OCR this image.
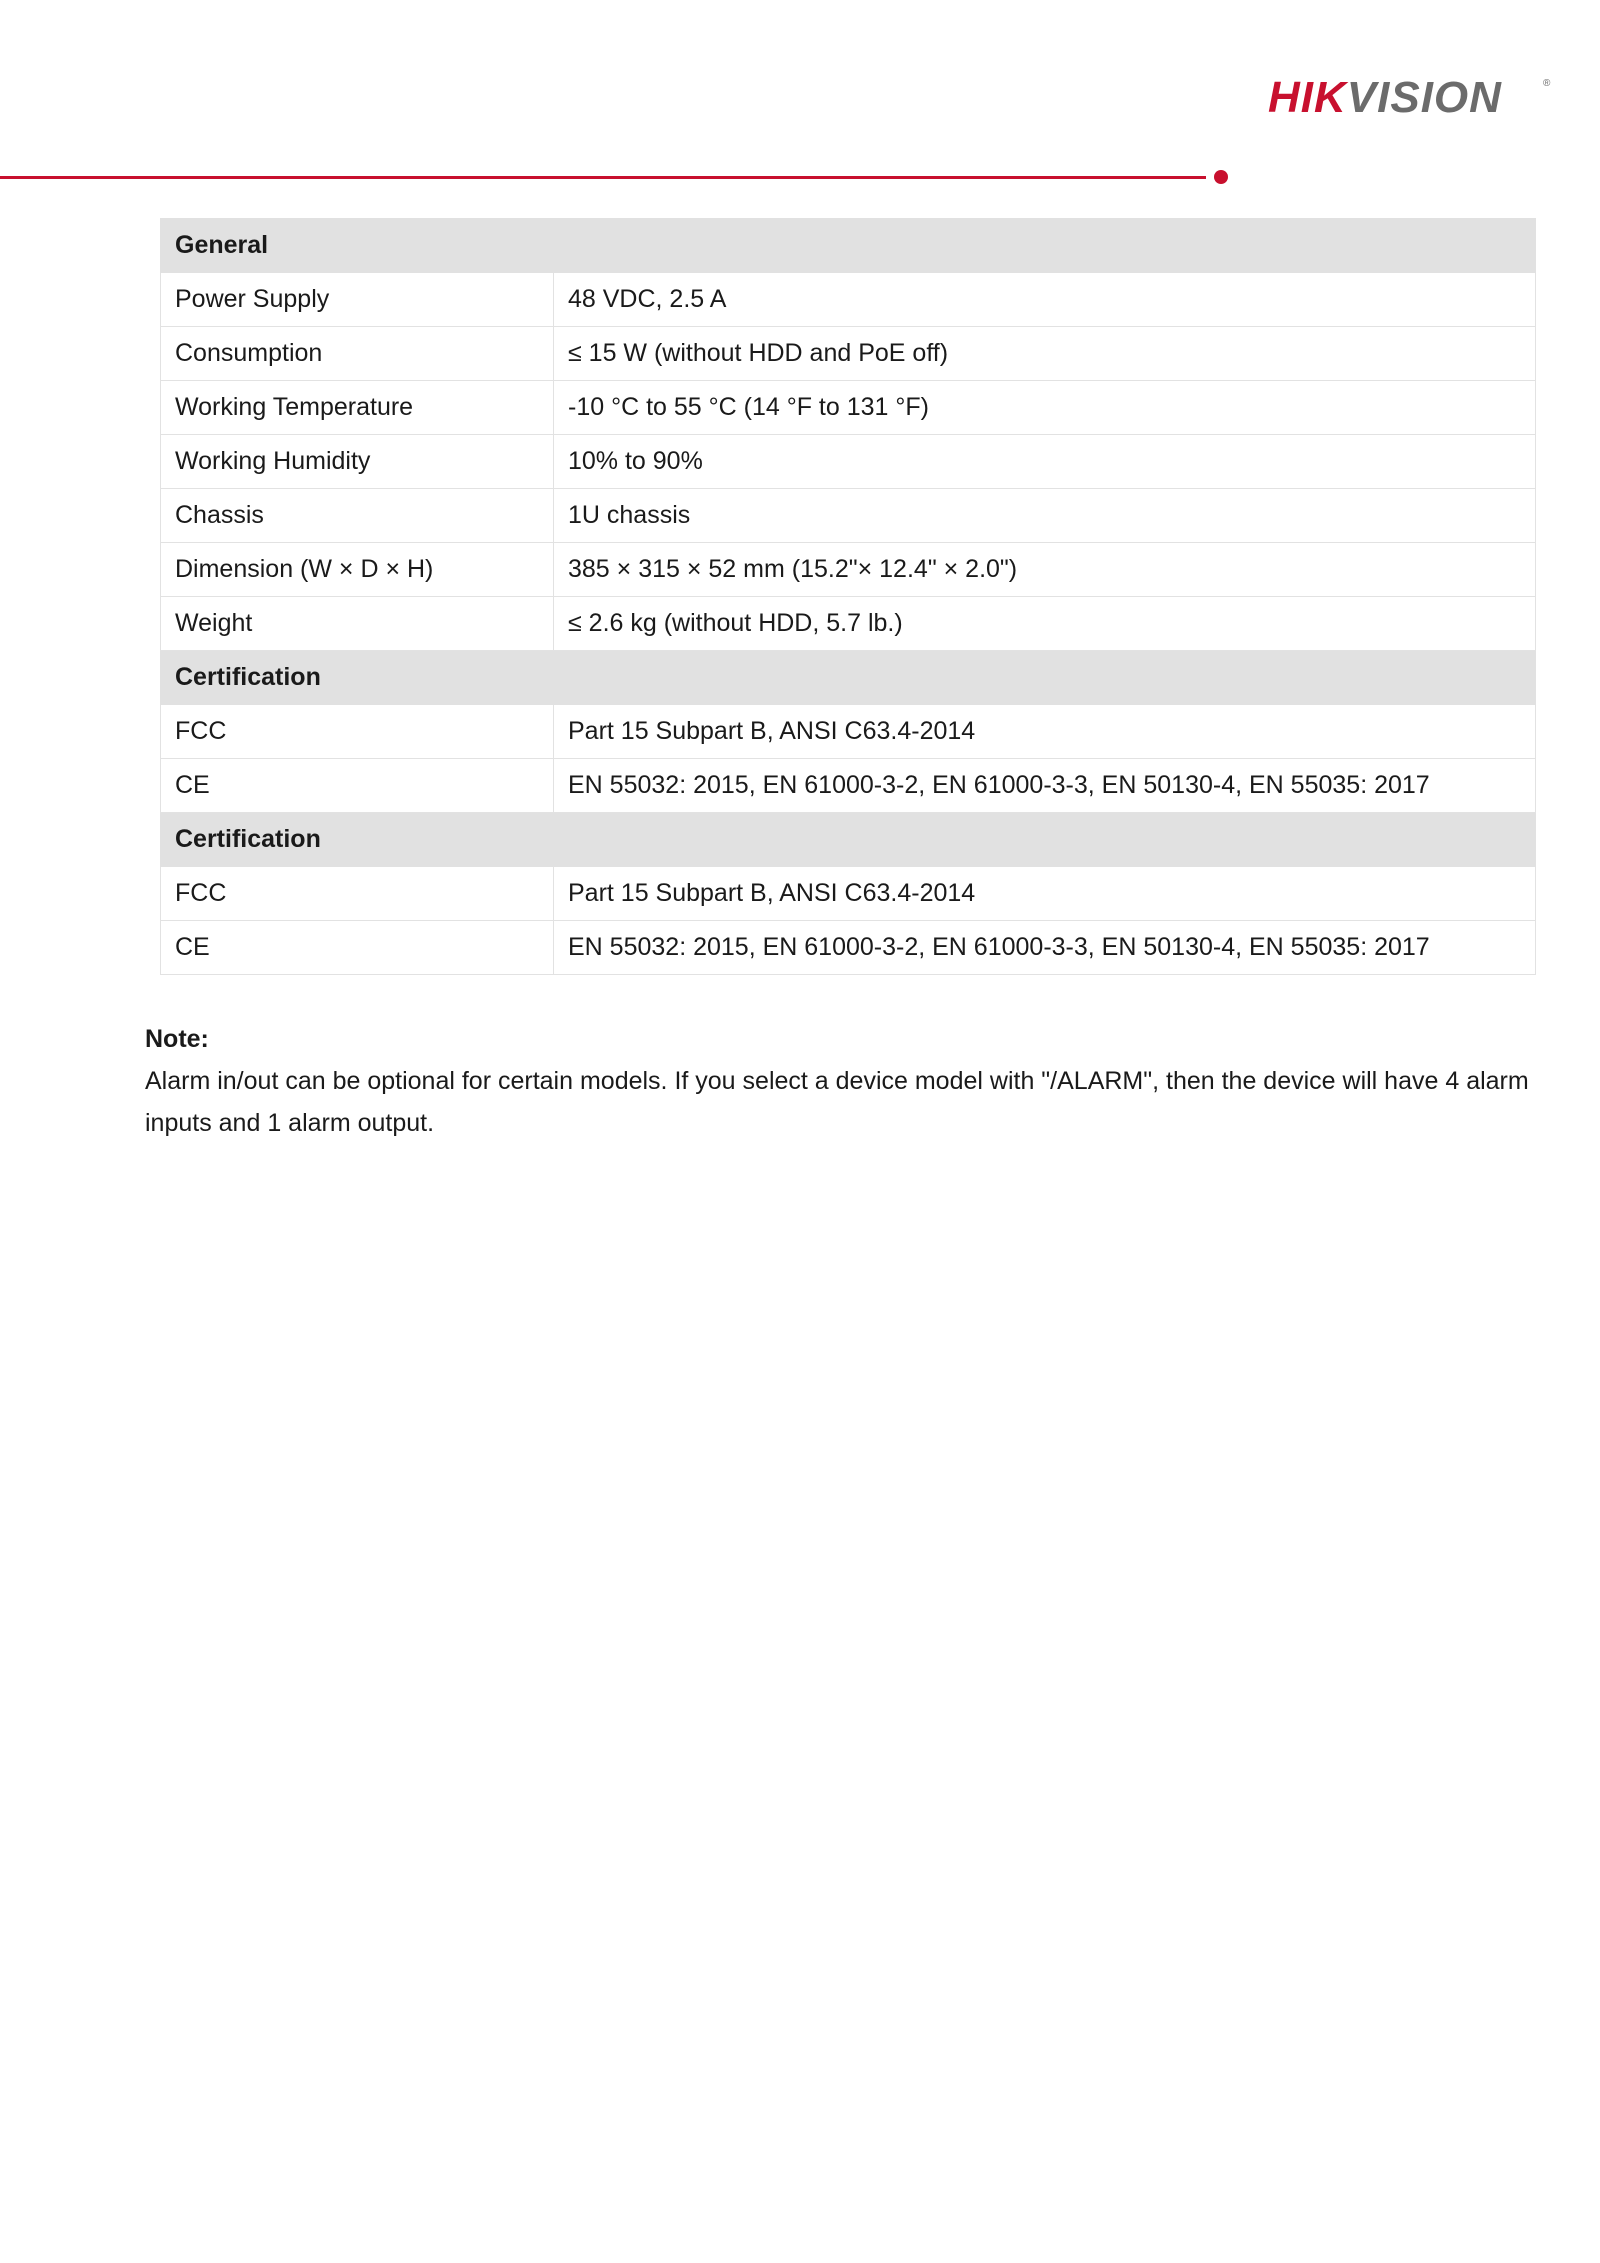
HIKVISION	®
General	
Power Supply	48 VDC, 2.5 A
Consumption	≤ 15 W (without HDD and PoE off)
Working Temperature	-10 °C to 55 °C (14 °F to 131 °F)
Working Humidity	10% to 90%
Chassis	1U chassis
Dimension (W × D × H)	385 × 315 × 52 mm (15.2"× 12.4" × 2.0")
Weight	≤ 2.6 kg (without HDD, 5.7 lb.)
Certification	
FCC	Part 15 Subpart B, ANSI C63.4-2014
CE	EN 55032: 2015, EN 61000-3-2, EN 61000-3-3, EN 50130-4, EN 55035: 2017
Certification	
FCC	Part 15 Subpart B, ANSI C63.4-2014
CE	EN 55032: 2015, EN 61000-3-2, EN 61000-3-3, EN 50130-4, EN 55035: 2017
Note:
Alarm in/out can be optional for certain models. If you select a device model with "/ALARM", then the device will have 4 alarm inputs and 1 alarm output.
